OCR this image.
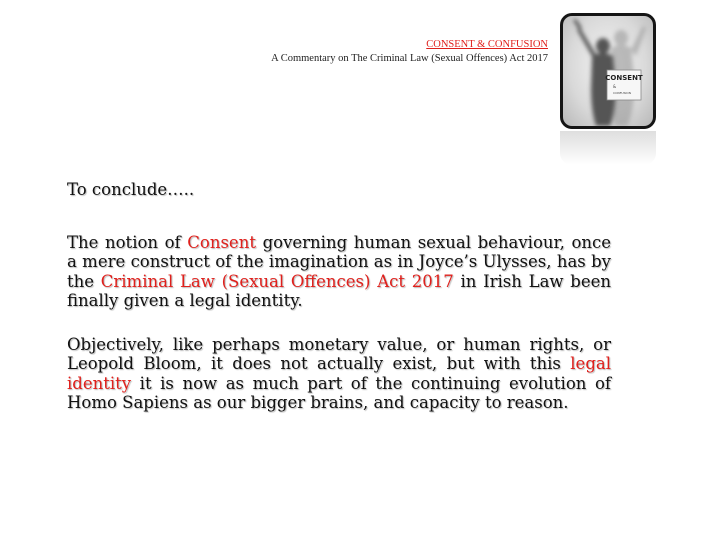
CONSENT & CONFUSION
A Commentary on The Criminal Law (Sexual Offences) Act 2017
CONSENT
&
CONFUSION

To conclude…..

The notion of Consent governing human sexual behaviour, once a mere construct of the imagination as in Joyce’s Ulysses, has by the Criminal Law (Sexual Offences) Act 2017 in Irish Law been finally given a legal identity.

Objectively, like perhaps monetary value, or human rights, or Leopold Bloom, it does not actually exist, but with this legal identity it is now as much part of the continuing evolution of Homo Sapiens as our bigger brains, and capacity to reason.
